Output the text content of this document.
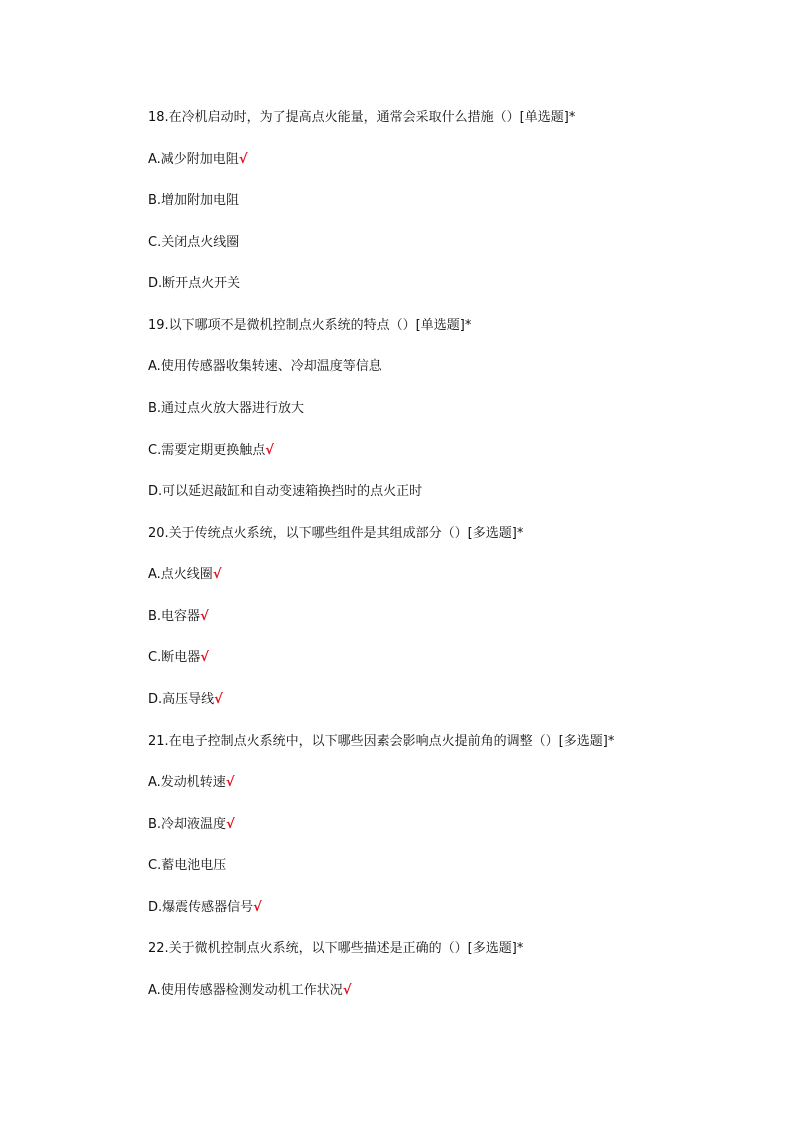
18.在冷机启动时，为了提高点火能量，通常会采取什么措施（）[单选题]*
A.减少附加电阻√
B.增加附加电阻
C.关闭点火线圈
D.断开点火开关
19.以下哪项不是微机控制点火系统的特点（）[单选题]*
A.使用传感器收集转速、冷却温度等信息
B.通过点火放大器进行放大
C.需要定期更换触点√
D.可以延迟敲缸和自动变速箱换挡时的点火正时
20.关于传统点火系统，以下哪些组件是其组成部分（）[多选题]*
A.点火线圈√
B.电容器√
C.断电器√
D.高压导线√
21.在电子控制点火系统中，以下哪些因素会影响点火提前角的调整（）[多选题]*
A.发动机转速√
B.冷却液温度√
C.蓄电池电压
D.爆震传感器信号√
22.关于微机控制点火系统，以下哪些描述是正确的（）[多选题]*
A.使用传感器检测发动机工作状况√
